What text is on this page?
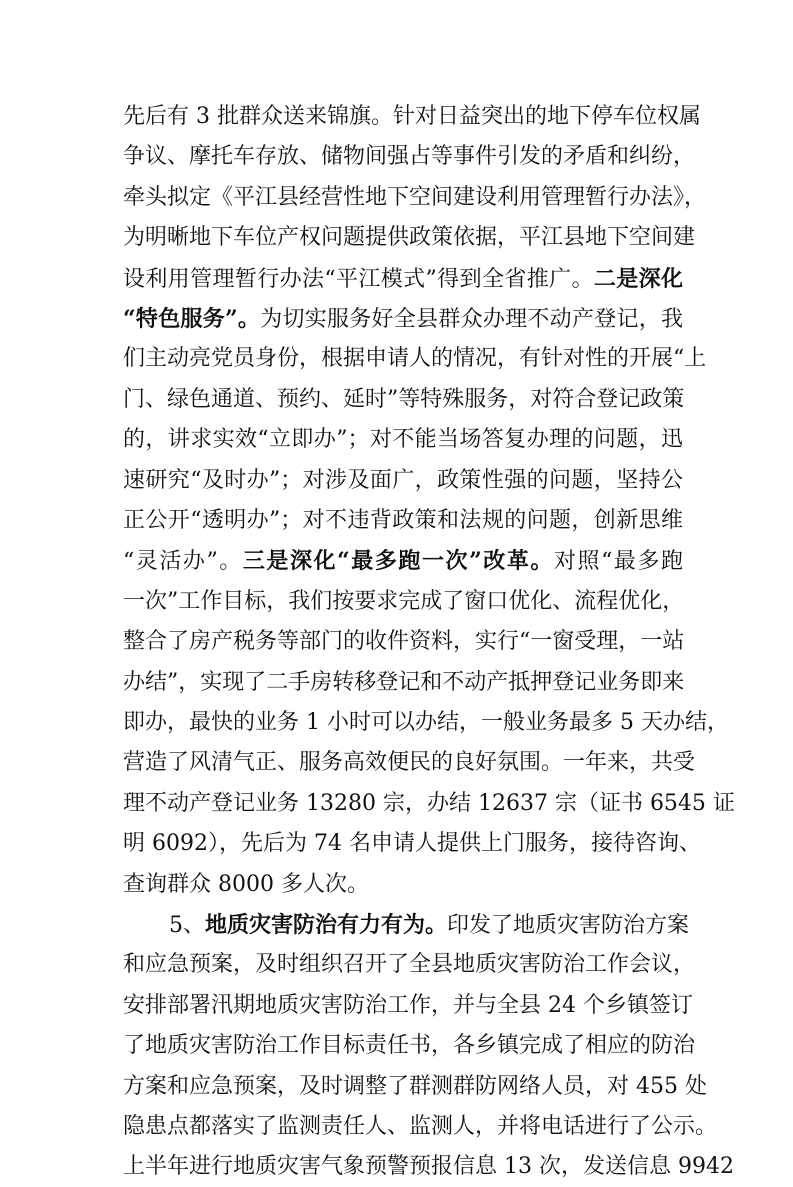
先后有 3 批群众送来锦旗。针对日益突出的地下停车位权属
争议、摩托车存放、储物间强占等事件引发的矛盾和纠纷，
牵头拟定《平江县经营性地下空间建设利用管理暂行办法》，
为明晰地下车位产权问题提供政策依据，平江县地下空间建
设利用管理暂行办法“平江模式”得到全省推广。二是深化
“特色服务”。为切实服务好全县群众办理不动产登记，我
们主动亮党员身份，根据申请人的情况，有针对性的开展“上
门、绿色通道、预约、延时”等特殊服务，对符合登记政策
的，讲求实效“立即办”；对不能当场答复办理的问题，迅
速研究“及时办”；对涉及面广，政策性强的问题，坚持公
正公开“透明办”；对不违背政策和法规的问题，创新思维
“灵活办”。三是深化“最多跑一次”改革。对照“最多跑
一次”工作目标，我们按要求完成了窗口优化、流程优化，
整合了房产税务等部门的收件资料，实行“一窗受理，一站
办结”，实现了二手房转移登记和不动产抵押登记业务即来
即办，最快的业务 1 小时可以办结，一般业务最多 5 天办结，
营造了风清气正、服务高效便民的良好氛围。一年来，共受
理不动产登记业务 13280 宗，办结 12637 宗（证书 6545 证
明 6092），先后为 74 名申请人提供上门服务，接待咨询、
查询群众 8000 多人次。
5、地质灾害防治有力有为。印发了地质灾害防治方案
和应急预案，及时组织召开了全县地质灾害防治工作会议，
安排部署汛期地质灾害防治工作，并与全县 24 个乡镇签订
了地质灾害防治工作目标责任书，各乡镇完成了相应的防治
方案和应急预案，及时调整了群测群防网络人员，对 455 处
隐患点都落实了监测责任人、监测人，并将电话进行了公示。
上半年进行地质灾害气象预警预报信息 13 次，发送信息 9942
